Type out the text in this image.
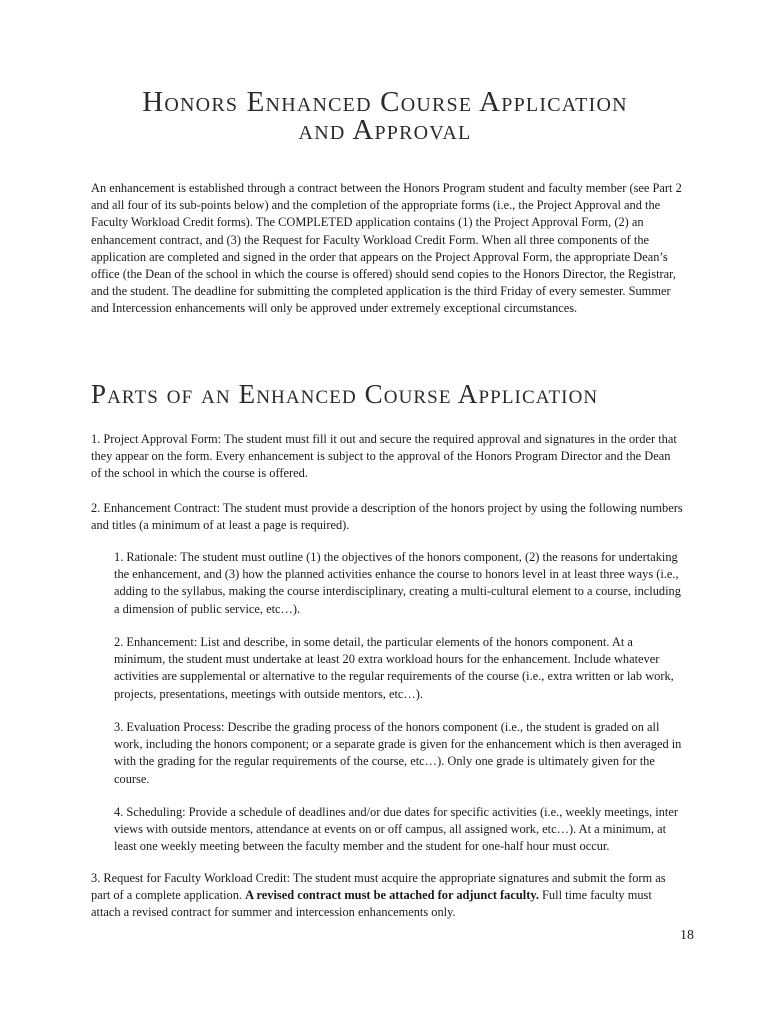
Honors Enhanced Course Application
and Approval

An enhancement is established through a contract between the Honors Program student and faculty member (see Part 2 and all four of its sub-points below) and the completion of the appropriate forms (i.e., the Project Approval and the Faculty Workload Credit forms). The COMPLETED application contains (1) the Project Approval Form, (2) an enhancement contract, and (3) the Request for Faculty Workload Credit Form. When all three components of the application are completed and signed in the order that appears on the Project Approval Form, the appropriate Dean’s office (the Dean of the school in which the course is offered) should send copies to the Honors Director, the Registrar, and the student. The deadline for submitting the completed application is the third Friday of every semester. Summer and Intercession enhancements will only be approved under extremely exceptional circumstances.

Parts of an Enhanced Course Application

1. Project Approval Form: The student must fill it out and secure the required approval and signatures in the order that they appear on the form. Every enhancement is subject to the approval of the Honors Program Director and the Dean of the school in which the course is offered.

2. Enhancement Contract: The student must provide a description of the honors project by using the following numbers and titles (a minimum of at least a page is required).

1. Rationale: The student must outline (1) the objectives of the honors component, (2) the reasons for undertaking the enhancement, and (3) how the planned activities enhance the course to honors level in at least three ways (i.e., adding to the syllabus, making the course interdisciplinary, creating a multi-cultural element to a course, including a dimension of public service, etc…).

2. Enhancement: List and describe, in some detail, the particular elements of the honors component. At a minimum, the student must undertake at least 20 extra workload hours for the enhancement. Include whatever activities are supplemental or alternative to the regular requirements of the course (i.e., extra written or lab work, projects, presentations, meetings with outside mentors, etc…).

3. Evaluation Process: Describe the grading process of the honors component (i.e., the student is graded on all work, including the honors component; or a separate grade is given for the enhancement which is then averaged in with the grading for the regular requirements of the course, etc…). Only one grade is ultimately given for the course.

4. Scheduling: Provide a schedule of deadlines and/or due dates for specific activities (i.e., weekly meetings, inter views with outside mentors, attendance at events on or off campus, all assigned work, etc…). At a minimum, at least one weekly meeting between the faculty member and the student for one-half hour must occur.

3. Request for Faculty Workload Credit: The student must acquire the appropriate signatures and submit the form as part of a complete application. A revised contract must be attached for adjunct faculty. Full time faculty must attach a revised contract for summer and intercession enhancements only.

18
